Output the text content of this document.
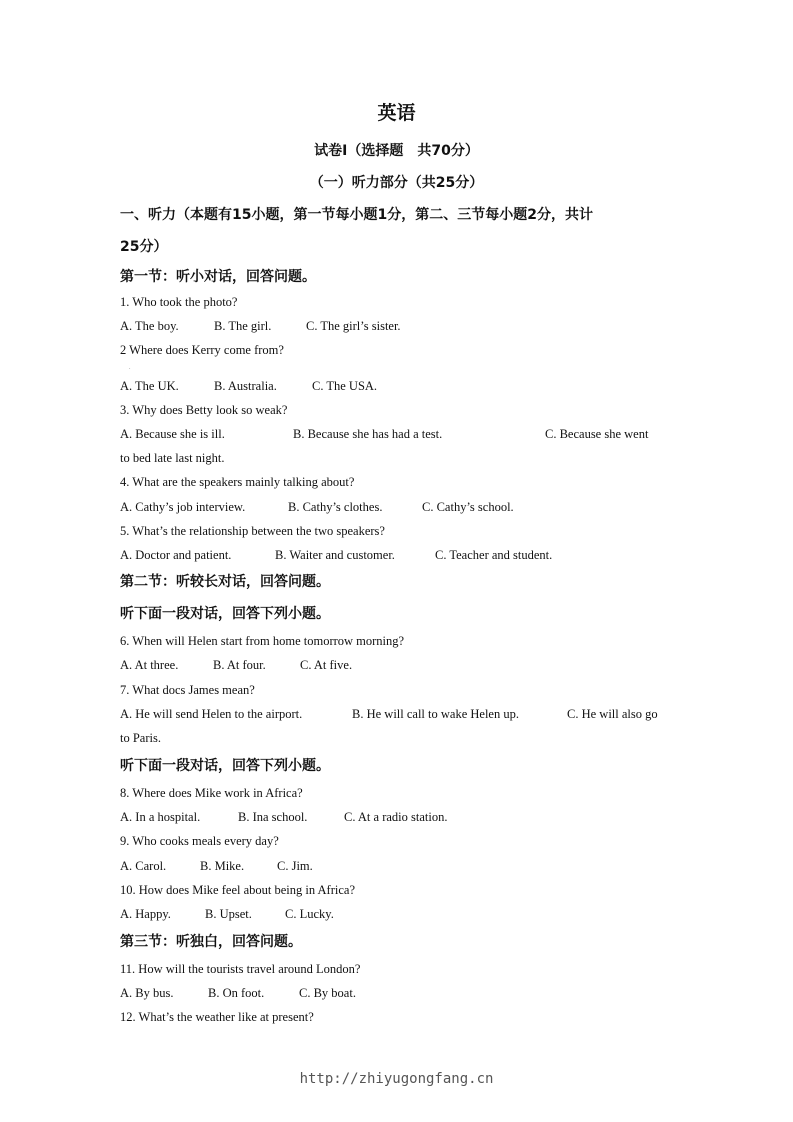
英语
试卷Ⅰ（选择题　共70分）
（一）听力部分（共25分）
一、听力（本题有15小题，第一节每小题1分，第二、三节每小题2分，共计
25分）
第一节：听小对话，回答问题。
1. Who took the photo?
A. The boy.	B. The girl.	C. The girl’s sister.
2 Where does Kerry come from?
.
A. The UK.	B. Australia.	C. The USA.
3. Why does Betty look so weak?
A. Because she is ill.	B. Because she has had a test.	C. Because she went
to bed late last night.
4. What are the speakers mainly talking about?
A. Cathy’s job interview.	B. Cathy’s clothes.	C. Cathy’s school.
5. What’s the relationship between the two speakers?
A. Doctor and patient.	B. Waiter and customer.	C. Teacher and student.
第二节：听较长对话，回答问题。
听下面一段对话，回答下列小题。
6. When will Helen start from home tomorrow morning?
A. At three.	B. At four.	C. At five.
7. What docs James mean?
A. He will send Helen to the airport.	B. He will call to wake Helen up.	C. He will also go
to Paris.
听下面一段对话，回答下列小题。
8. Where does Mike work in Africa?
A. In a hospital.	B. Ina school.	C. At a radio station.
9. Who cooks meals every day?
A. Carol.	B. Mike.	C. Jim.
10. How does Mike feel about being in Africa?
A. Happy.	B. Upset.	C. Lucky.
第三节：听独白，回答问题。
11. How will the tourists travel around London?
A. By bus.	B. On foot.	C. By boat.
12. What’s the weather like at present?
http://zhiyugongfang.cn
